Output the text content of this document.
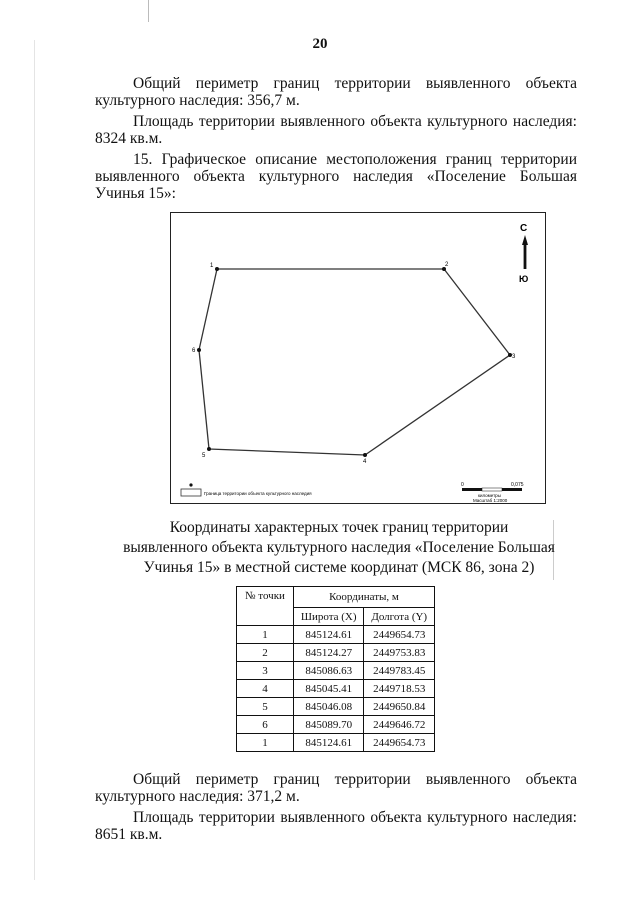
20
Общий периметр границ территории выявленного объекта
культурного наследия: 356,7 м.
Площадь территории выявленного объекта культурного наследия:
8324 кв.м.
15. Графическое описание местоположения границ территории
выявленного объекта культурного наследия «Поселение Большая
Учинья 15»:
1	2
3
4
5
6
С
Ю
Граница территории объекта культурного наследия
0	0,075
километры
Масштаб 1:2000
Координаты характерных точек границ территории
выявленного объекта культурного наследия «Поселение Большая
Учинья 15» в местной системе координат (МСК 86, зона 2)
№ точки	Координаты, м	
	Широта (X)	Долгота (Y)
1	845124.61	2449654.73
2	845124.27	2449753.83
3	845086.63	2449783.45
4	845045.41	2449718.53
5	845046.08	2449650.84
6	845089.70	2449646.72
1	845124.61	2449654.73
Общий периметр границ территории выявленного объекта
культурного наследия: 371,2 м.
Площадь территории выявленного объекта культурного наследия:
8651 кв.м.
